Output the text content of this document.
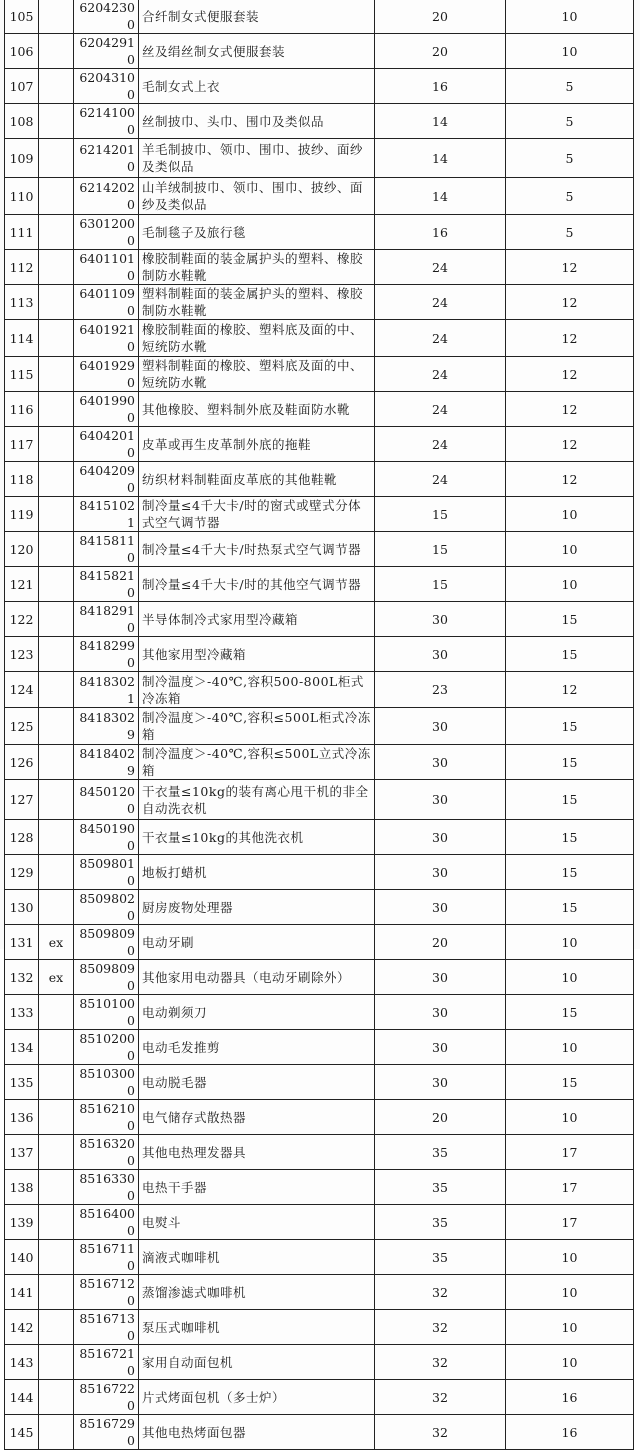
105		62042300	合纤制女式便服套装	20	10
106		62042910	丝及绢丝制女式便服套装	20	10
107		62043100	毛制女式上衣	16	5
108		62141000	丝制披巾、头巾、围巾及类似品	14	5
109		62142010	羊毛制披巾、领巾、围巾、披纱、面纱及类似品	14	5
110		62142020	山羊绒制披巾、领巾、围巾、披纱、面纱及类似品	14	5
111		63012000	毛制毯子及旅行毯	16	5
112		64011010	橡胶制鞋面的装金属护头的塑料、橡胶制防水鞋靴	24	12
113		64011090	塑料制鞋面的装金属护头的塑料、橡胶制防水鞋靴	24	12
114		64019210	橡胶制鞋面的橡胶、塑料底及面的中、短统防水靴	24	12
115		64019290	塑料制鞋面的橡胶、塑料底及面的中、短统防水靴	24	12
116		64019900	其他橡胶、塑料制外底及鞋面防水靴	24	12
117		64042010	皮革或再生皮革制外底的拖鞋	24	12
118		64042090	纺织材料制鞋面皮革底的其他鞋靴	24	12
119		84151021	制冷量≤4千大卡/时的窗式或壁式分体式空气调节器	15	10
120		84158110	制冷量≤4千大卡/时热泵式空气调节器	15	10
121		84158210	制冷量≤4千大卡/时的其他空气调节器	15	10
122		84182910	半导体制冷式家用型冷藏箱	30	15
123		84182990	其他家用型冷藏箱	30	15
124		84183021	制冷温度＞-40℃,容积500-800L柜式冷冻箱	23	12
125		84183029	制冷温度＞-40℃,容积≤500L柜式冷冻箱	30	15
126		84184029	制冷温度＞-40℃,容积≤500L立式冷冻箱	30	15
127		84501200	干衣量≤10kg的装有离心甩干机的非全自动洗衣机	30	15
128		84501900	干衣量≤10kg的其他洗衣机	30	15
129		85098010	地板打蜡机	30	15
130		85098020	厨房废物处理器	30	15
131	ex	85098090	电动牙刷	20	10
132	ex	85098090	其他家用电动器具（电动牙刷除外）	30	10
133		85101000	电动剃须刀	30	15
134		85102000	电动毛发推剪	30	10
135		85103000	电动脱毛器	30	15
136		85162100	电气储存式散热器	20	10
137		85163200	其他电热理发器具	35	17
138		85163300	电热干手器	35	17
139		85164000	电熨斗	35	17
140		85167110	滴液式咖啡机	35	10
141		85167120	蒸馏渗滤式咖啡机	32	10
142		85167130	泵压式咖啡机	32	10
143		85167210	家用自动面包机	32	10
144		85167220	片式烤面包机（多士炉）	32	16
145		85167290	其他电热烤面包器	32	16
